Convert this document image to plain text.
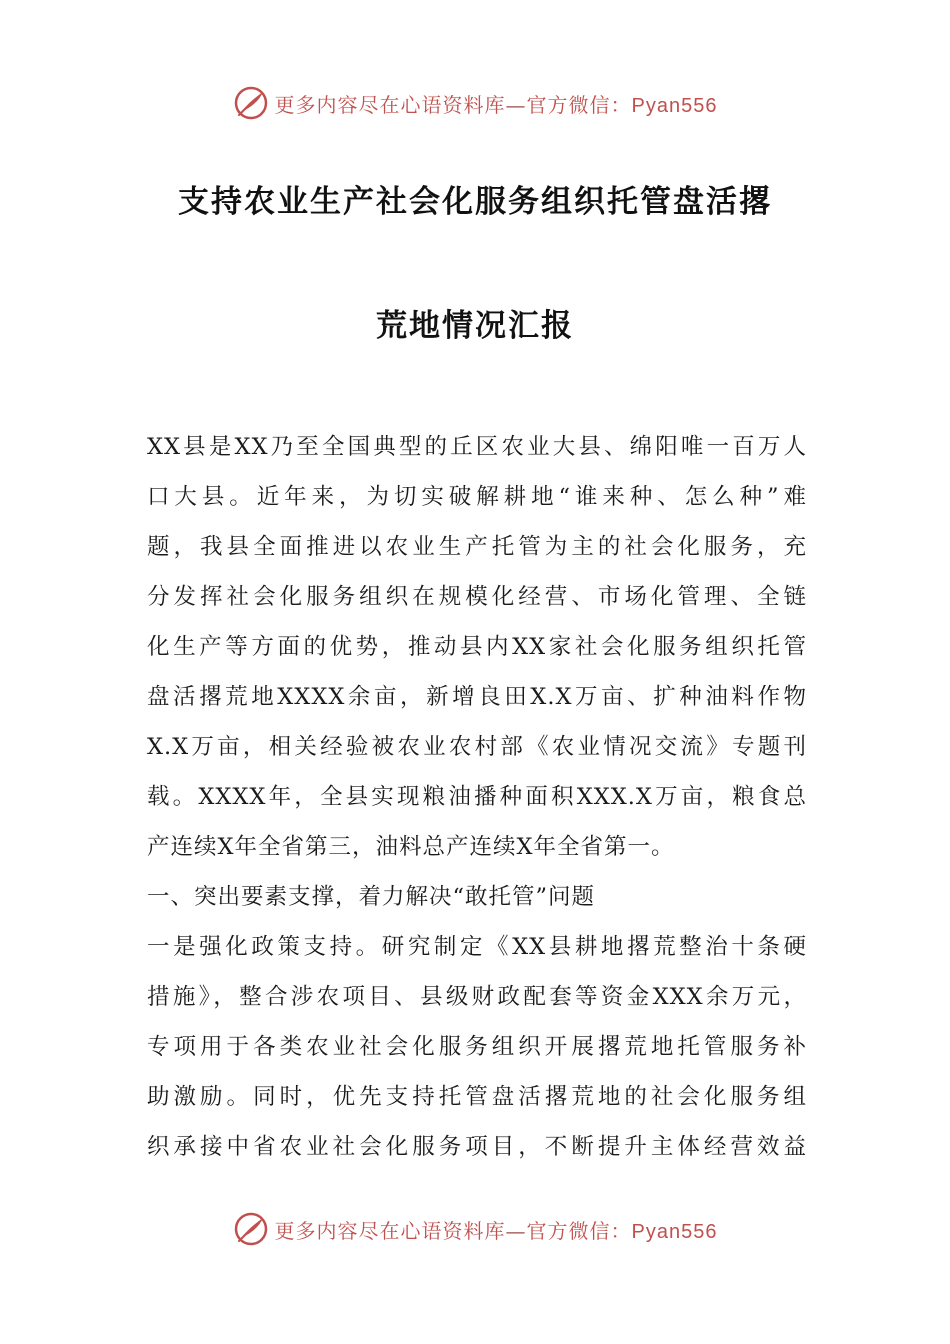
更多内容尽在心语资料库—官方微信：Pyan556
支持农业生产社会化服务组织托管盘活撂
荒地情况汇报
XX县是XX乃至全国典型的丘区农业大县、绵阳唯一百万人
口大县。近年来，为切实破解耕地“谁来种、怎么种”难
题，我县全面推进以农业生产托管为主的社会化服务，充
分发挥社会化服务组织在规模化经营、市场化管理、全链
化生产等方面的优势，推动县内XX家社会化服务组织托管
盘活撂荒地XXXX余亩，新增良田X.X万亩、扩种油料作物
X.X万亩，相关经验被农业农村部《农业情况交流》专题刊
载。XXXX年，全县实现粮油播种面积XXX.X万亩，粮食总
产连续X年全省第三，油料总产连续X年全省第一。
一、突出要素支撑，着力解决“敢托管”问题
一是强化政策支持。研究制定《XX县耕地撂荒整治十条硬
措施》，整合涉农项目、县级财政配套等资金XXX余万元，
专项用于各类农业社会化服务组织开展撂荒地托管服务补
助激励。同时，优先支持托管盘活撂荒地的社会化服务组
织承接中省农业社会化服务项目，不断提升主体经营效益
更多内容尽在心语资料库—官方微信：Pyan556
